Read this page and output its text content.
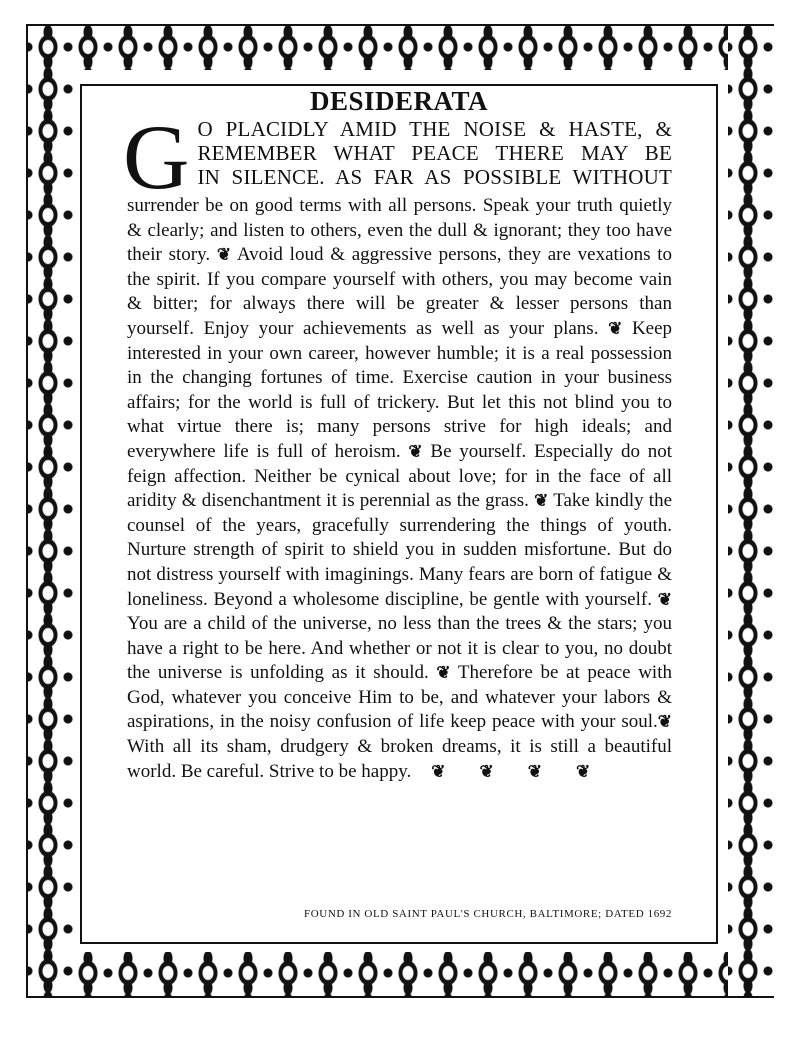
DESIDERATA
G O PLACIDLY AMID THE NOISE & HASTE, &
REMEMBER WHAT PEACE THERE MAY BE
IN SILENCE. AS FAR AS POSSIBLE WITHOUT

surrender be on good terms with all persons. Speak your truth quietly & clearly; and listen to others, even the dull & ignorant; they too have their story. ❦ Avoid loud & aggressive persons, they are vexations to the spirit. If you compare yourself with others, you may become vain & bitter; for always there will be greater & lesser persons than yourself. Enjoy your achievements as well as your plans. ❦ Keep interested in your own career, however humble; it is a real possession in the changing fortunes of time. Exercise caution in your business affairs; for the world is full of trickery. But let this not blind you to what virtue there is; many persons strive for high ideals; and everywhere life is full of heroism. ❦ Be yourself. Especially do not feign affection. Neither be cynical about love; for in the face of all aridity & disenchantment it is perennial as the grass. ❦ Take kindly the counsel of the years, gracefully surrendering the things of youth. Nurture strength of spirit to shield you in sudden misfortune. But do not distress yourself with imaginings. Many fears are born of fatigue & loneliness. Beyond a wholesome discipline, be gentle with yourself. ❦ You are a child of the universe, no less than the trees & the stars; you have a right to be here. And whether or not it is clear to you, no doubt the universe is unfolding as it should. ❦ Therefore be at peace with God, whatever you conceive Him to be, and whatever your labors & aspirations, in the noisy confusion of life keep peace with your soul.❦ With all its sham, drudgery & broken dreams, it is still a beautiful world. Be careful. Strive to be happy. ❦ ❦ ❦ ❦

FOUND IN OLD SAINT PAUL'S CHURCH, BALTIMORE; DATED 1692
